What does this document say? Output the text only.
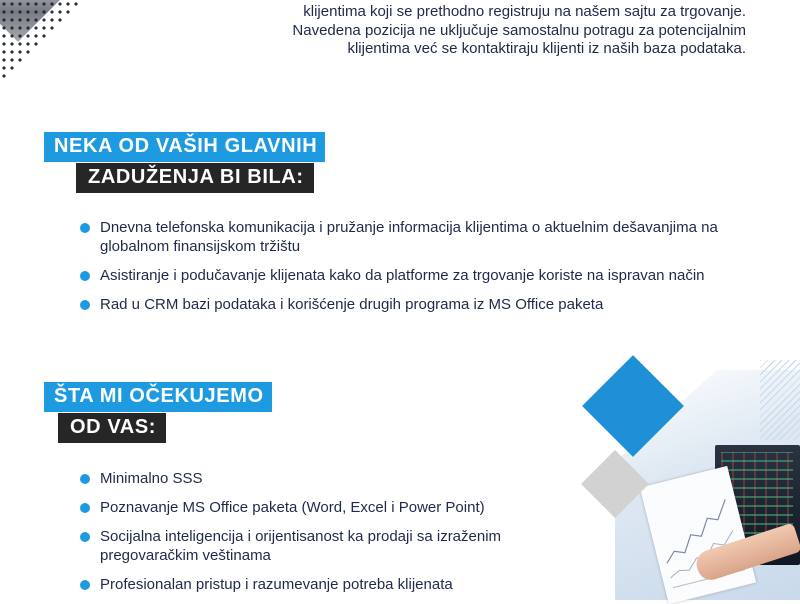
klijentima koji se prethodno registruju na našem sajtu za trgovanje.

Navedena pozicija ne uključuje samostalnu potragu za potencijalnim

klijentima već se kontaktiraju klijenti iz naših baza podataka.

NEKA OD VAŠIH GLAVNIH
ZADUŽENJA BI BILA:
Dnevna telefonska komunikacija i pružanje informacija klijentima o aktuelnim dešavanjima na globalnom finansijskom tržištu
Asistiranje i podučavanje klijenata kako da platforme za trgovanje koriste na ispravan način
Rad u CRM bazi podataka i korišćenje drugih programa iz MS Office paketa
ŠTA MI OČEKUJEMO
OD VAS:
Minimalno SSS
Poznavanje MS Office paketa (Word, Excel i Power Point)
Socijalna inteligencija i orijentisanost ka prodaji sa izraženim pregovaračkim veštinama
Profesionalan pristup i razumevanje potreba klijenata
